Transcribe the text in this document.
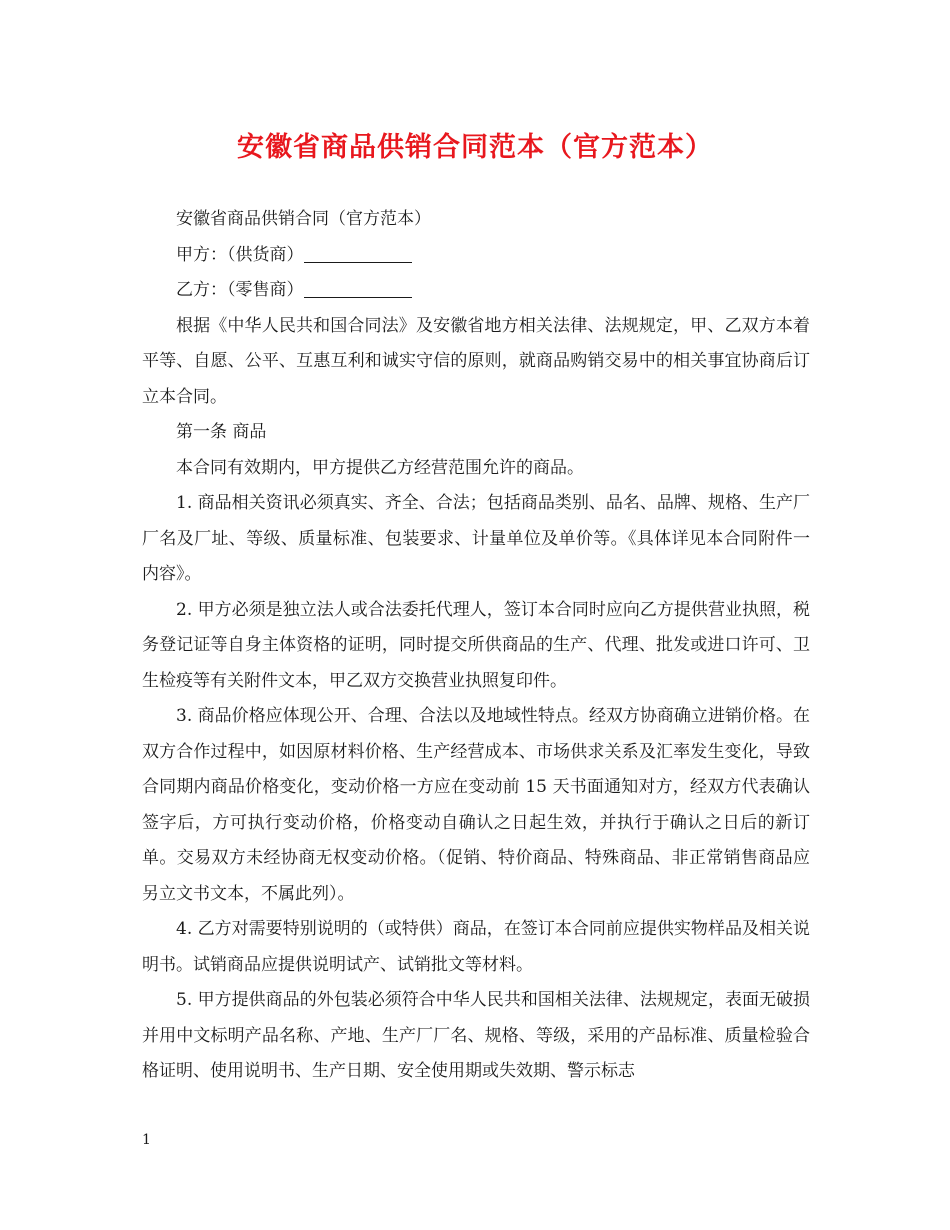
安徽省商品供销合同范本（官方范本）

安徽省商品供销合同（官方范本）

甲方：（供货商）

乙方：（零售商）

根据《中华人民共和国合同法》及安徽省地方相关法律、法规规定，甲、乙双方本着平等、自愿、公平、互惠互利和诚实守信的原则，就商品购销交易中的相关事宜协商后订立本合同。

第一条 商品

本合同有效期内，甲方提供乙方经营范围允许的商品。

1. 商品相关资讯必须真实、齐全、合法；包括商品类别、品名、品牌、规格、生产厂厂名及厂址、等级、质量标准、包装要求、计量单位及单价等。《具体详见本合同附件一内容》。

2. 甲方必须是独立法人或合法委托代理人，签订本合同时应向乙方提供营业执照，税务登记证等自身主体资格的证明，同时提交所供商品的生产、代理、批发或进口许可、卫生检疫等有关附件文本，甲乙双方交换营业执照复印件。

3. 商品价格应体现公开、合理、合法以及地域性特点。经双方协商确立进销价格。在双方合作过程中，如因原材料价格、生产经营成本、市场供求关系及汇率发生变化，导致合同期内商品价格变化，变动价格一方应在变动前 15 天书面通知对方，经双方代表确认签字后，方可执行变动价格，价格变动自确认之日起生效，并执行于确认之日后的新订单。交易双方未经协商无权变动价格。（促销、特价商品、特殊商品、非正常销售商品应另立文书文本，不属此列）。

4. 乙方对需要特别说明的（或特供）商品，在签订本合同前应提供实物样品及相关说明书。试销商品应提供说明试产、试销批文等材料。

5. 甲方提供商品的外包装必须符合中华人民共和国相关法律、法规规定，表面无破损并用中文标明产品名称、产地、生产厂厂名、规格、等级，采用的产品标准、质量检验合格证明、使用说明书、生产日期、安全使用期或失效期、警示标志

1
